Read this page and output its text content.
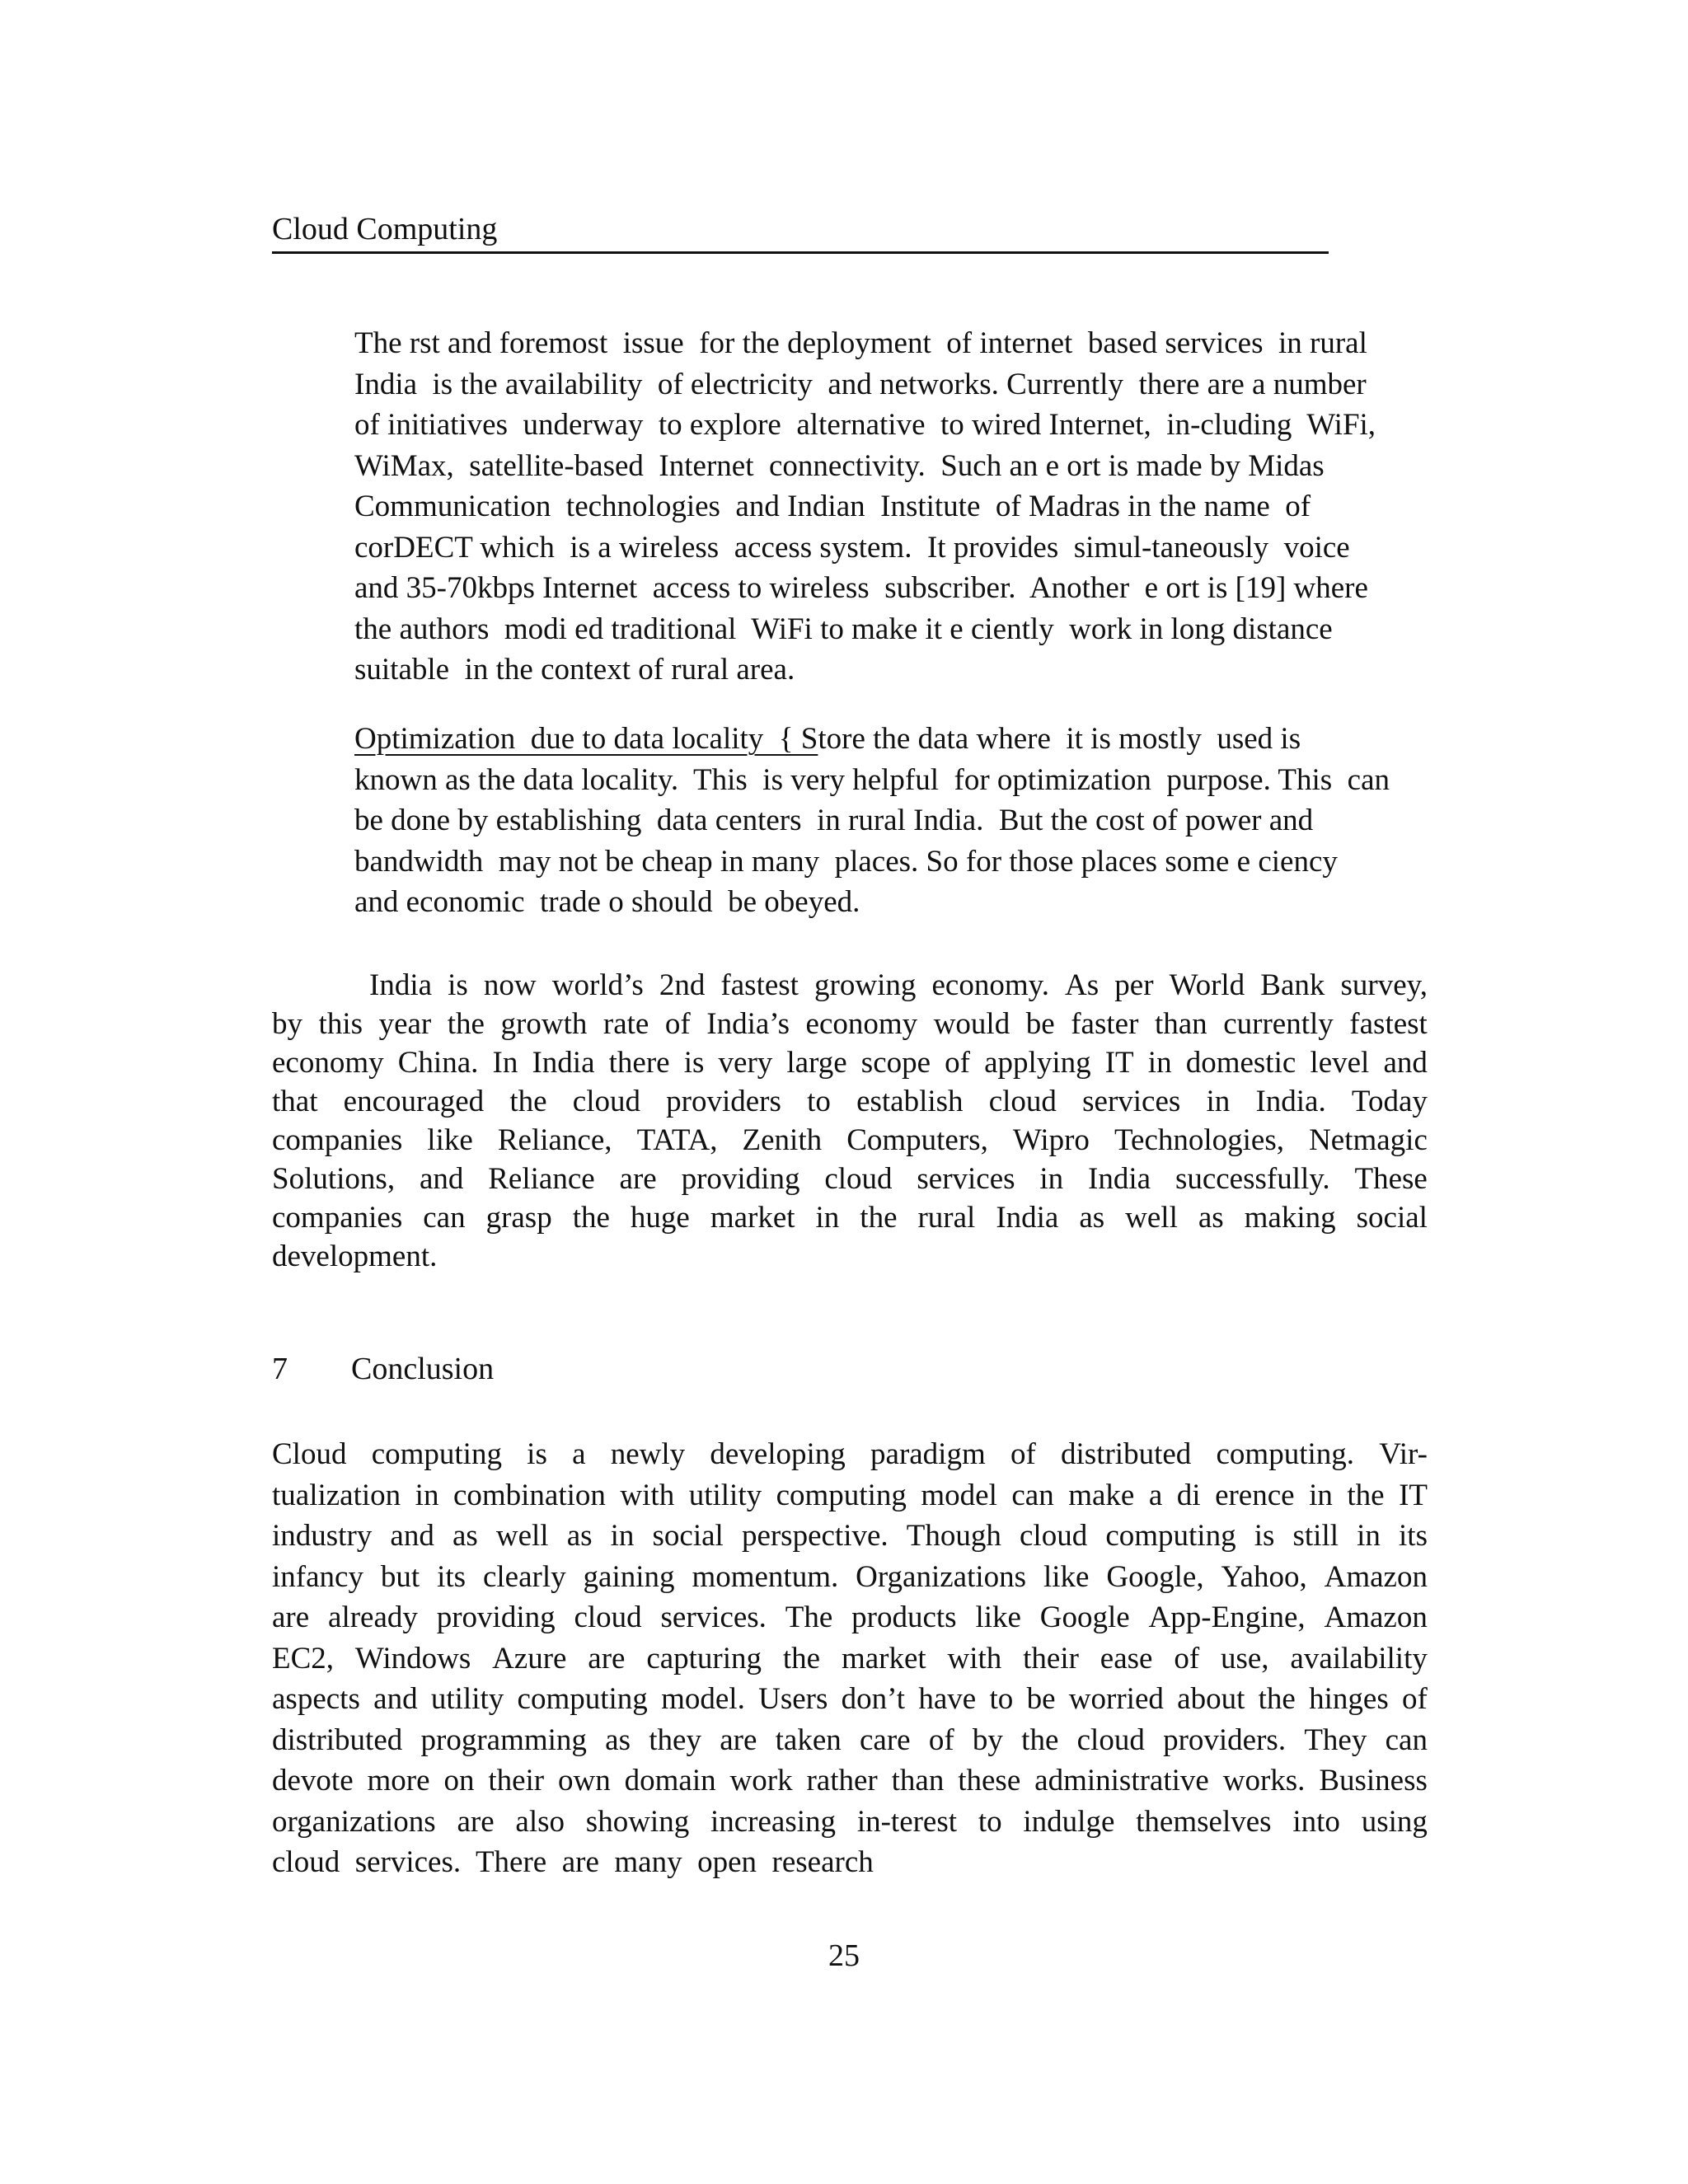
Cloud Computing
The rst and foremost  issue  for the deployment  of internet  based services  in rural
India  is the availability  of electricity  and networks. Currently  there are a number
of initiatives  underway  to explore  alternative  to wired Internet,  in-cluding  WiFi,
WiMax,  satellite-based  Internet  connectivity.  Such an e ort is made by Midas
Communication  technologies  and Indian  Institute  of Madras in the name  of
corDECT which  is a wireless  access system.  It provides  simul-taneously  voice
and 35-70kbps Internet  access to wireless  subscriber.  Another  e ort is [19] where
the authors  modi ed traditional  WiFi to make it e ciently  work in long distance
suitable  in the context of rural area.
Optimization  due to data locality  { Store the data where  it is mostly  used is
known as the data locality.  This  is very helpful  for optimization  purpose. This  can
be done by establishing  data centers  in rural India.  But the cost of power and
bandwidth  may not be cheap in many  places. So for those places some e ciency
and economic  trade o should  be obeyed.
India is now world’s 2nd fastest growing economy. As per World Bank survey,
by this year the growth rate of India’s economy would be faster than currently fastest
economy China. In India there is very large scope of applying IT in domestic level and
that encouraged the cloud providers to establish cloud services in India. Today
companies like Reliance, TATA, Zenith Computers, Wipro Technologies, Netmagic
Solutions, and Reliance are providing cloud services in India successfully. These
companies can grasp the huge market in the rural India as well as making social
development.
7 Conclusion
Cloud computing is a newly developing paradigm of distributed computing. Vir-
tualization in combination with utility computing model can make a di erence in the IT
industry and as well as in social perspective. Though cloud computing is still in its
infancy but its clearly gaining momentum. Organizations like Google, Yahoo, Amazon
are already providing cloud services. The products like Google App-Engine, Amazon
EC2, Windows Azure are capturing the market with their ease of use, availability
aspects and utility computing model. Users don’t have to be worried about the hinges of
distributed programming as they are taken care of by the cloud providers. They can
devote more on their own domain work rather than these administrative works. Business
organizations are also showing increasing in-terest to indulge themselves into using
cloud  services.  There  are  many  open  research
25
